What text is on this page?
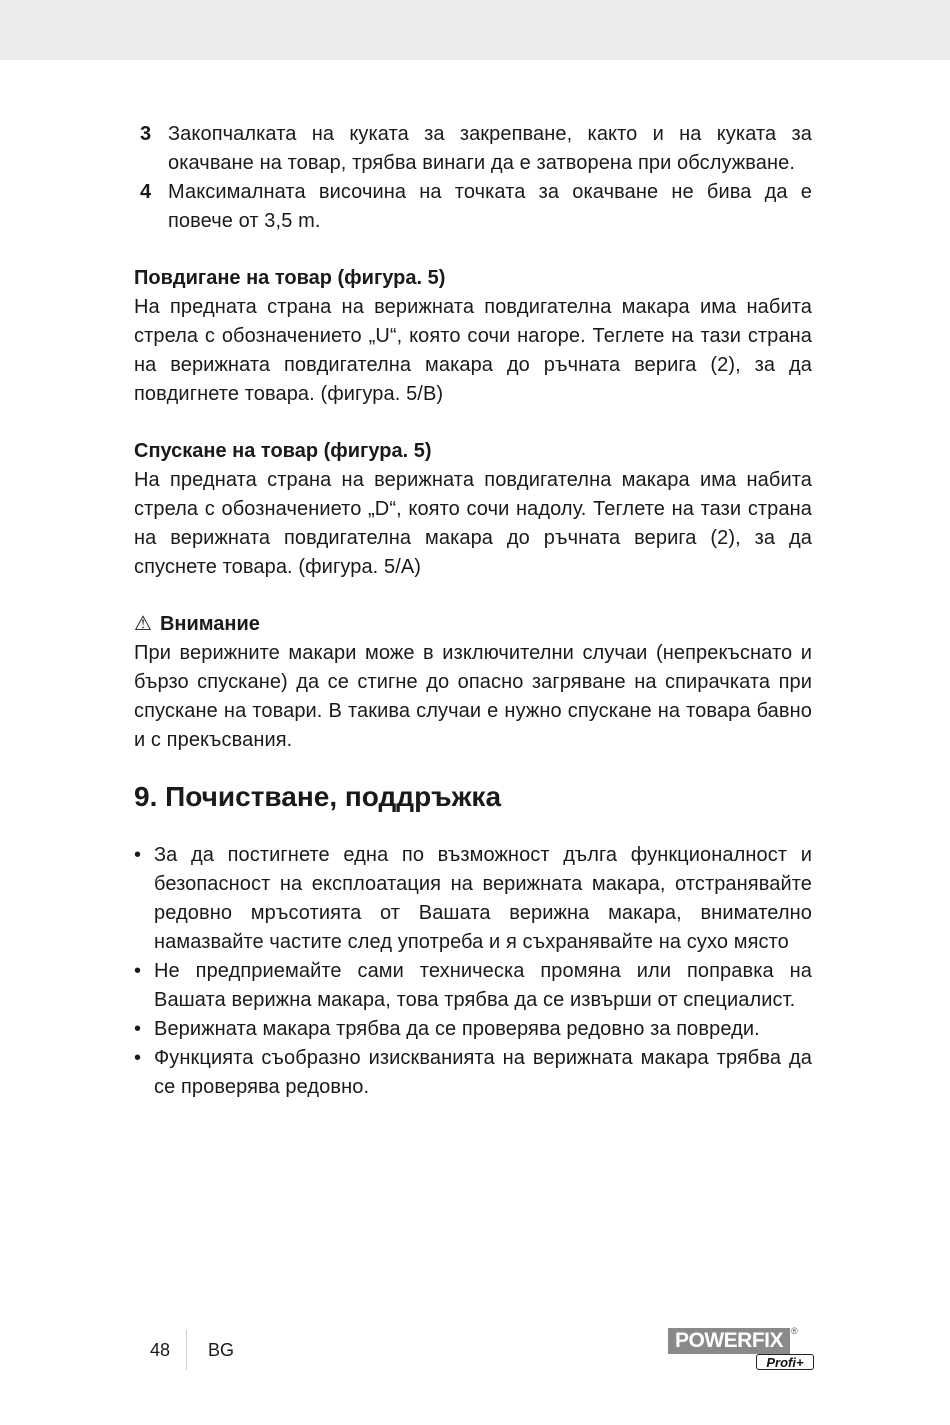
3 Закопчалката на куката за закрепване, както и на куката за окачване на товар, трябва винаги да е затворена при обслужване.
4 Максималната височина на точката за окачване не бива да е повече от 3,5 m.
Повдигане на товар (фигура. 5)

На предната страна на верижната повдигателна макара има набита стрела с обозначението „U“, която сочи нагоре. Теглете на тази страна на верижната повдигателна макара до ръчната верига (2), за да повдигнете товара. (фигура. 5/B)

Спускане на товар (фигура. 5)

На предната страна на верижната повдигателна макара има набита стрела с обозначението „D“, която сочи надолу. Теглете на тази страна на верижната повдигателна макара до ръчната верига (2), за да спуснете товара. (фигура. 5/A)

⚠ Внимание

При верижните макари може в изключителни случаи (непрекъснато и бързо спускане) да се стигне до опасно загряване на спирачката при спускане на товари. В такива случаи е нужно спускане на товара бавно и с прекъсвания.

9. Почистване, поддръжка
• За да постигнете една по възможност дълга функционалност и безопасност на експлоатация на верижната макара, отстранявайте редовно мръсотията от Вашата верижна макара, внимателно намазвайте частите след употреба и я съхранявайте на сухо място
• Не предприемайте сами техническа промяна или поправка на Вашата верижна макара, това трябва да се извърши от специалист.
• Верижната макара трябва да се проверява редовно за повреди.
• Функцията съобразно изискванията на верижната макара трябва да се проверява редовно.
48 BG	POWERFIX ®
Profi+
